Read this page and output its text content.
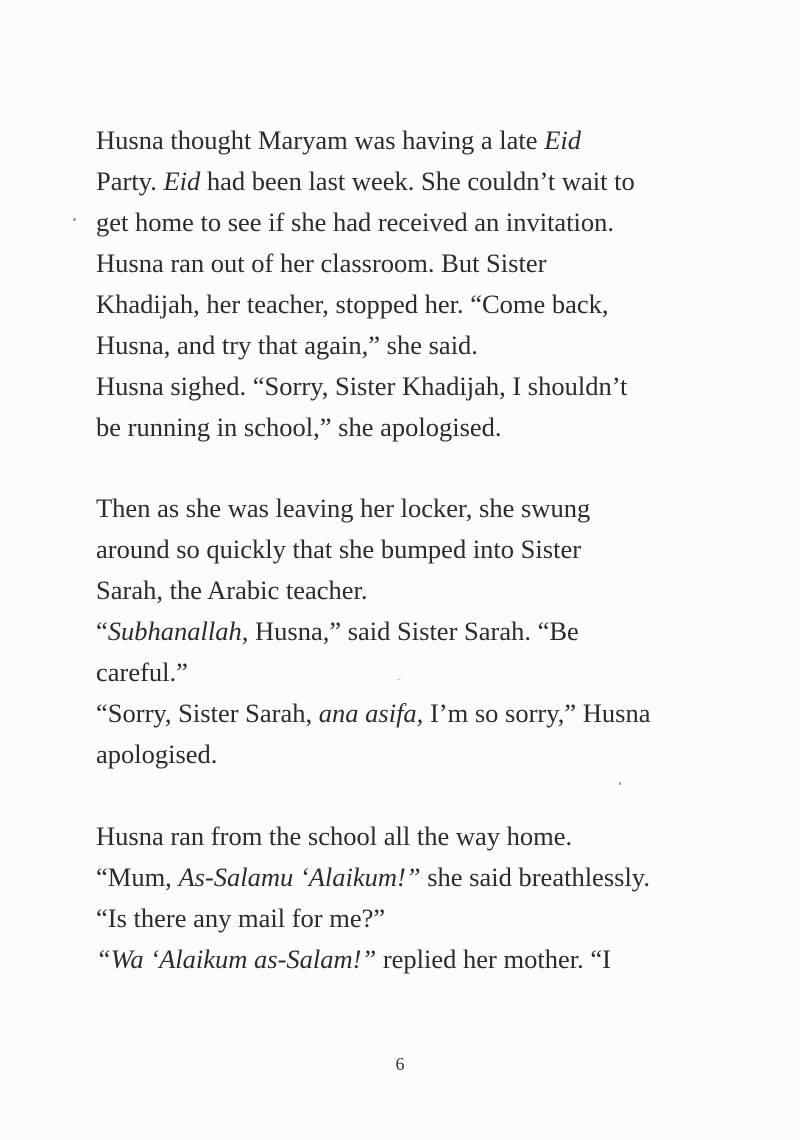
Husna thought Maryam was having a late Eid
Party. Eid had been last week. She couldn’t wait to
get home to see if she had received an invitation.
Husna ran out of her classroom. But Sister
Khadijah, her teacher, stopped her. “Come back,
Husna, and try that again,” she said.
Husna sighed. “Sorry, Sister Khadijah, I shouldn’t
be running in school,” she apologised.
Then as she was leaving her locker, she swung
around so quickly that she bumped into Sister
Sarah, the Arabic teacher.
“Subhanallah, Husna,” said Sister Sarah. “Be
careful.”
“Sorry, Sister Sarah, ana asifa, I’m so sorry,” Husna
apologised.
Husna ran from the school all the way home.
“Mum, As-Salamu ‘Alaikum!” she said breathlessly.
“Is there any mail for me?”
“Wa ‘Alaikum as-Salam!” replied her mother. “I
6
